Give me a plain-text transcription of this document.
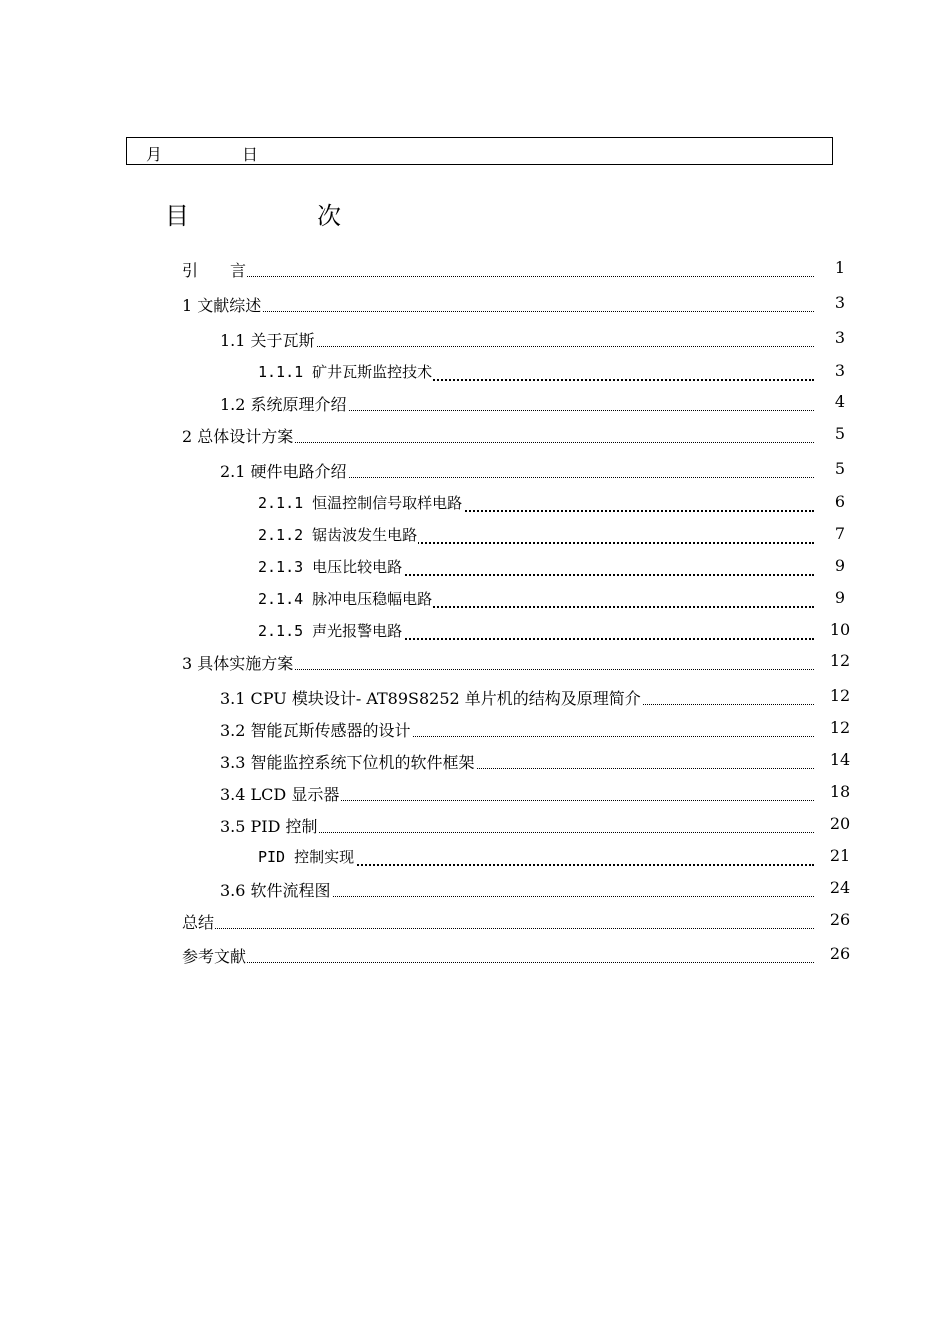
月	日
目	次
引　　言	1
1 文献综述	3
1.1 关于瓦斯	3
1.1.1 矿井瓦斯监控技术	3
1.2 系统原理介绍	4
2 总体设计方案	5
2.1 硬件电路介绍	5
2.1.1 恒温控制信号取样电路	6
2.1.2 锯齿波发生电路	7
2.1.3 电压比较电路	9
2.1.4 脉冲电压稳幅电路	9
2.1.5 声光报警电路	10
3 具体实施方案	12
3.1 CPU 模块设计- AT89S8252 单片机的结构及原理简介	12
3.2 智能瓦斯传感器的设计	12
3.3 智能监控系统下位机的软件框架	14
3.4 LCD 显示器	18
3.5 PID 控制	20
PID 控制实现	21
3.6 软件流程图	24
总结	26
参考文献	26
